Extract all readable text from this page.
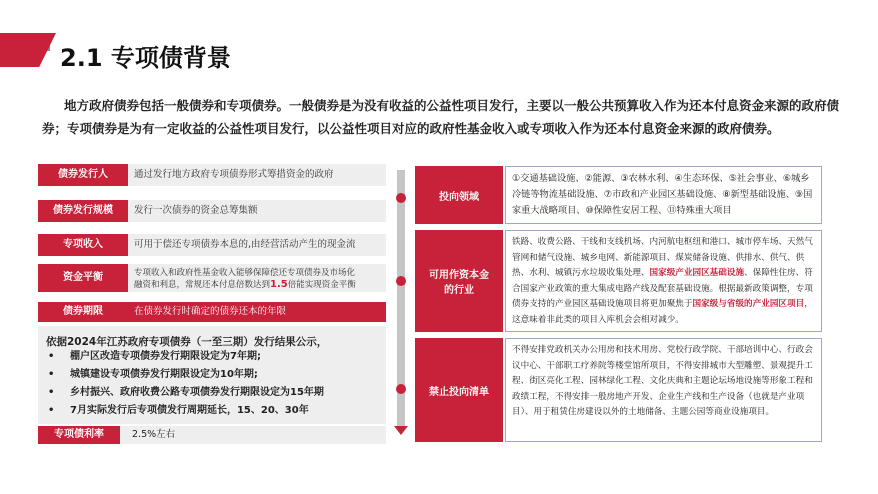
2.1 专项债背景
地方政府债券包括一般债券和专项债券。一般债券是为没有收益的公益性项目发行，主要以一般公共预算收入作为还本付息资金来源的政府债券；专项债券是为有一定收益的公益性项目发行，以公益性项目对应的政府性基金收入或专项收入作为还本付息资金来源的政府债券。
债券发行人	通过发行地方政府专项债券形式筹措资金的政府
债券发行规模	发行一次债券的资金总筹集额
专项收入	可用于偿还专项债券本息的,由经营活动产生的现金流
资金平衡	专项收入和政府性基金收入能够保障偿还专项债券及市场化
融资和利息，常规还本付息倍数达到1.5倍能实现资金平衡
债券期限	在债券发行时确定的债券还本的年限
依据2024年江苏政府专项债券（一至三期）发行结果公示，
• 棚户区改造专项债券发行期限设定为7年期;
• 城镇建设专项债券发行期限设定为10年期;
• 乡村振兴、政府收费公路专项债券发行期限设定为15年期
• 7月实际发行后专项债发行周期延长，15、20、30年
专项债利率	2.5%左右
投向领域
①交通基础设施、②能源、③农林水利、④生态环保、⑤社会事业、⑥城乡冷链等物流基础设施、⑦市政和产业园区基础设施、⑧新型基础设施、⑨国家重大战略项目、⑩保障性安居工程、⑪特殊重大项目
可用作资本金的行业
铁路、收费公路、干线和支线机场、内河航电枢纽和港口、城市停车场、天然气管网和储气设施、城乡电网、新能源项目、煤炭储备设施、供排水、供气、供热、水利、城镇污水垃圾收集处理、国家级产业园区基础设施、保障性住房、符合国家产业政策的重大集成电路产线及配套基础设施。根据最新政策调整，专项债券支持的产业园区基础设施项目将更加聚焦于国家级与省级的产业园区项目，这意味着非此类的项目入库机会会相对减少。
禁止投向清单
不得安排党政机关办公用房和技术用房、党校行政学院、干部培训中心、行政会议中心、干部职工疗养院等楼堂馆所项目，不得安排城市大型雕塑、景观提升工程、街区亮化工程、园林绿化工程、文化庆典和主题论坛场地设施等形象工程和政绩工程，不得安排一般房地产开发、企业生产线和生产设备（也就是产业项目）、用于租赁住房建设以外的土地储备、主题公园等商业设施项目。
